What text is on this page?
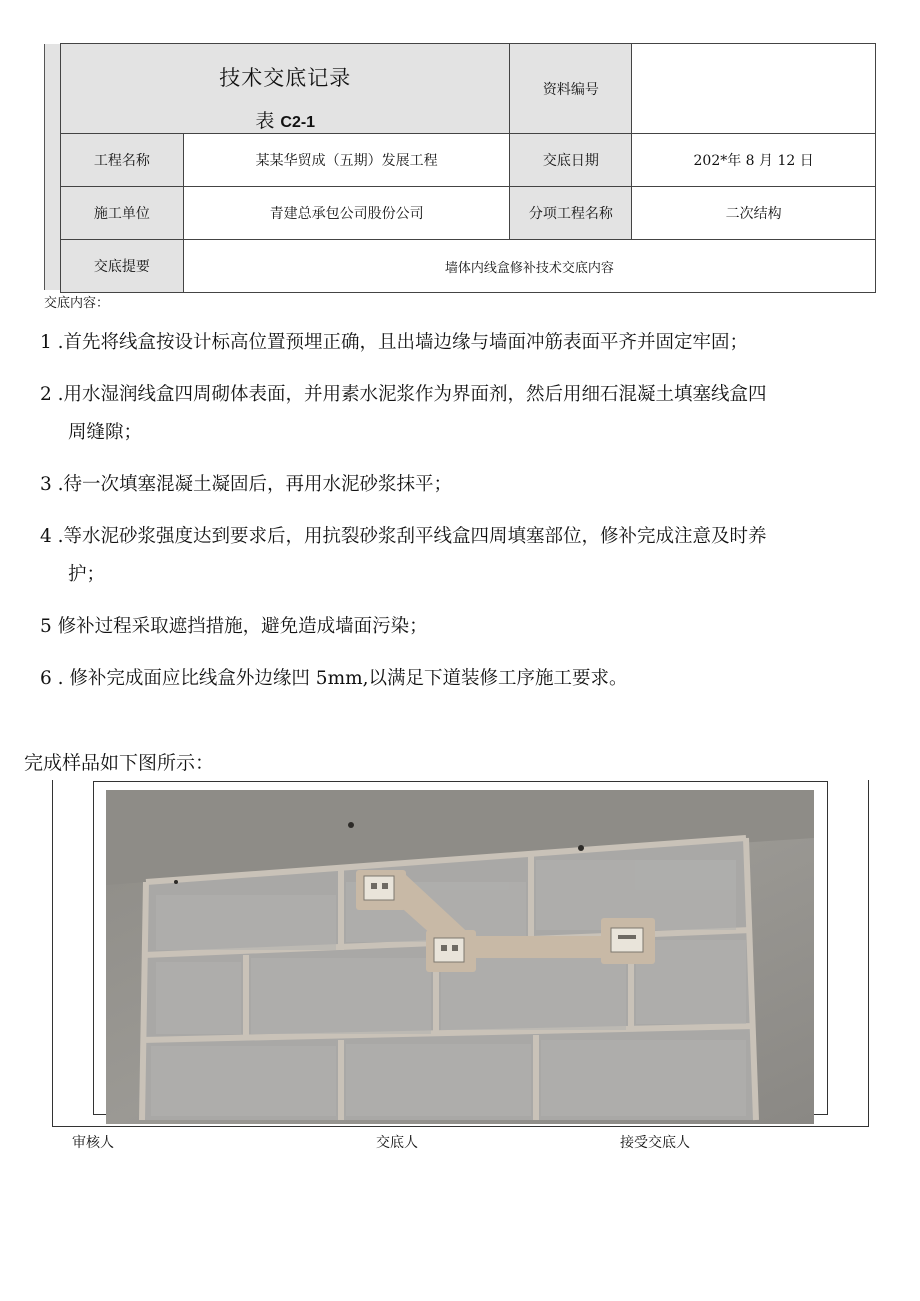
技术交底记录
表 C2-1		资料编号	
工程名称	某某华贸成（五期）发展工程	交底日期	202*年 8 月 12 日
施工单位	青建总承包公司股份公司	分项工程名称	二次结构
交底提要	墙体内线盒修补技术交底内容		
交底内容：
1 .首先将线盒按设计标高位置预埋正确，且出墙边缘与墙面冲筋表面平齐并固定牢固；
2 .用水湿润线盒四周砌体表面，并用素水泥浆作为界面剂，然后用细石混凝土填塞线盒四
周缝隙；
3 .待一次填塞混凝土凝固后，再用水泥砂浆抹平；
4 .等水泥砂浆强度达到要求后，用抗裂砂浆刮平线盒四周填塞部位，修补完成注意及时养
护；
5 修补过程采取遮挡措施，避免造成墙面污染；
6 . 修补完成面应比线盒外边缘凹 5mm,以满足下道装修工序施工要求。
完成样品如下图所示：
审核人	交底人	接受交底人
